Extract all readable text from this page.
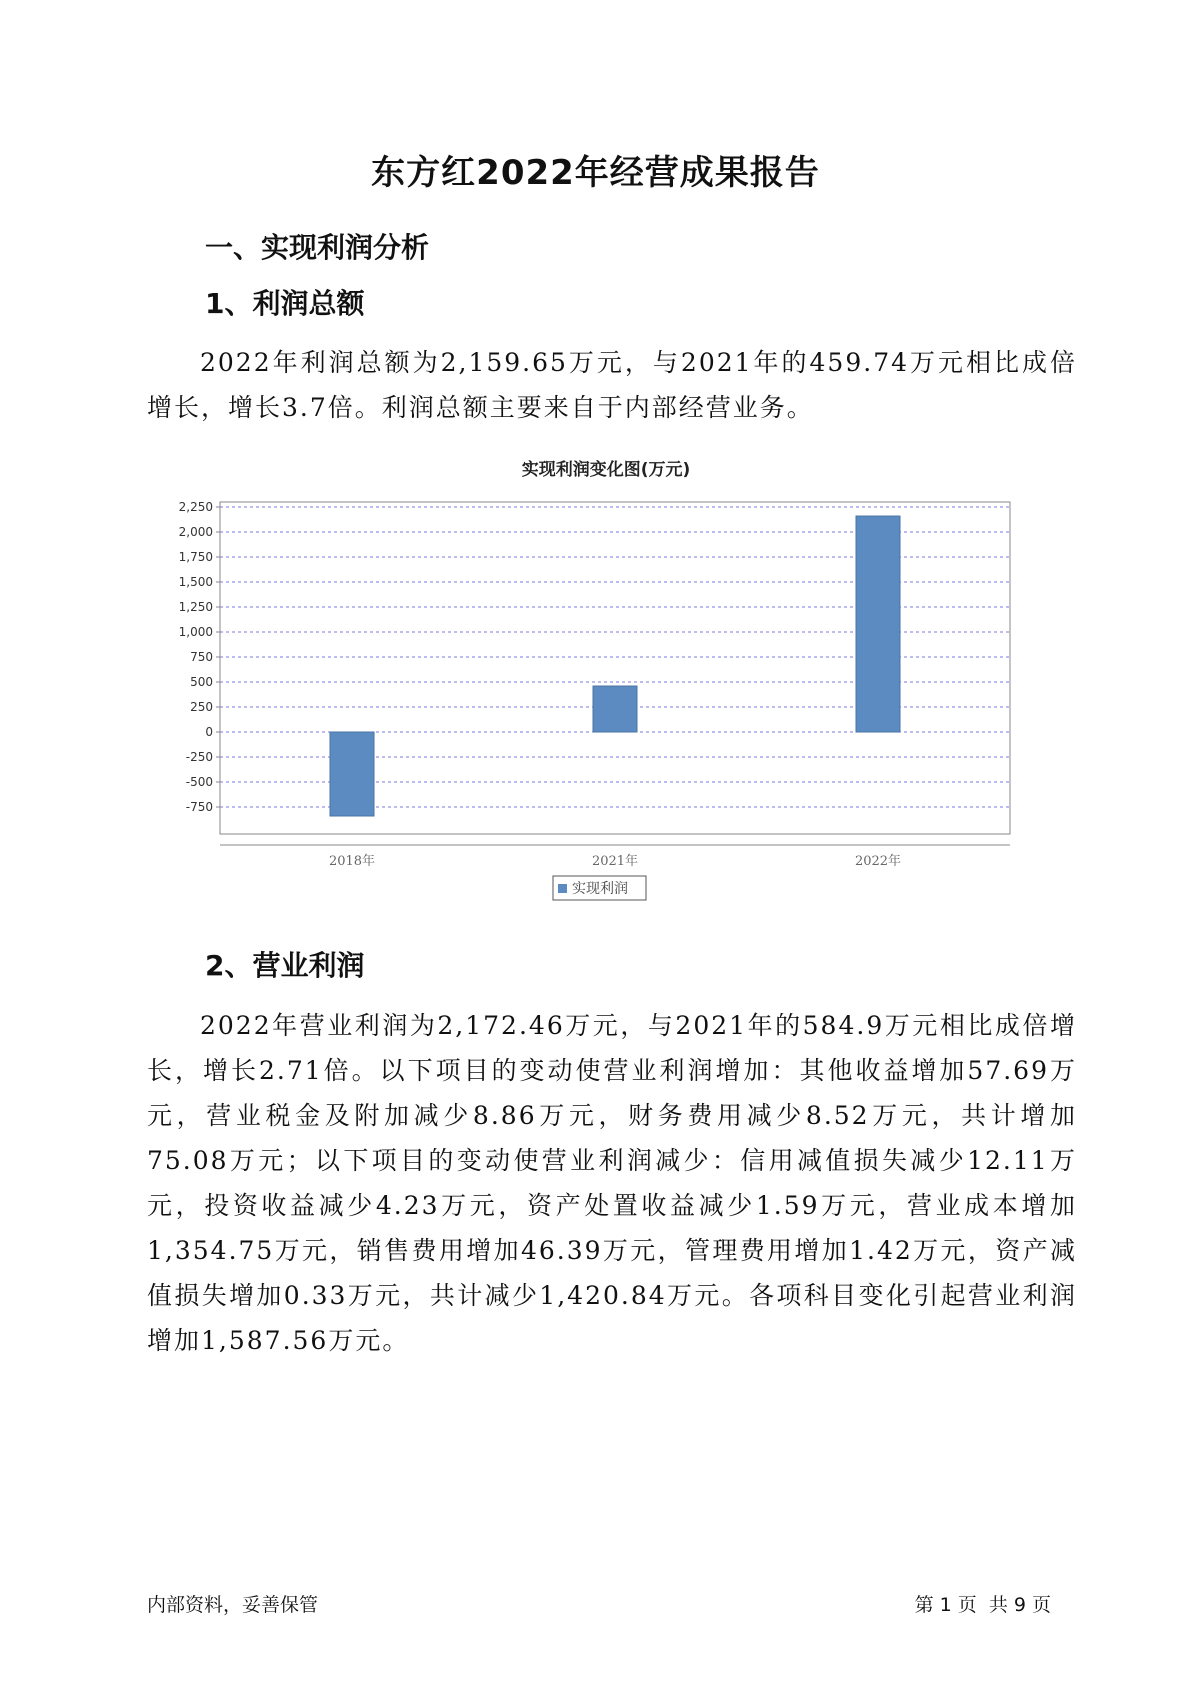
东方红2022年经营成果报告
一、实现利润分析
1、利润总额

2022年利润总额为2,159.65万元，与2021年的459.74万元相比成倍增长，增长3.7倍。利润总额主要来自于内部经营业务。

实现利润变化图(万元)
2,250
2,000
1,750
1,500
1,250
1,000
750
500
250
0
-250
-500
-750
2018年	2021年	2022年
实现利润
2、营业利润

2022年营业利润为2,172.46万元，与2021年的584.9万元相比成倍增长，增长2.71倍。以下项目的变动使营业利润增加：其他收益增加57.69万元，营业税金及附加减少8.86万元，财务费用减少8.52万元，共计增加75.08万元；以下项目的变动使营业利润减少：信用减值损失减少12.11万元，投资收益减少4.23万元，资产处置收益减少1.59万元，营业成本增加1,354.75万元，销售费用增加46.39万元，管理费用增加1.42万元，资产减值损失增加0.33万元，共计减少1,420.84万元。各项科目变化引起营业利润增加1,587.56万元。

内部资料，妥善保管	第 1 页  共 9 页
